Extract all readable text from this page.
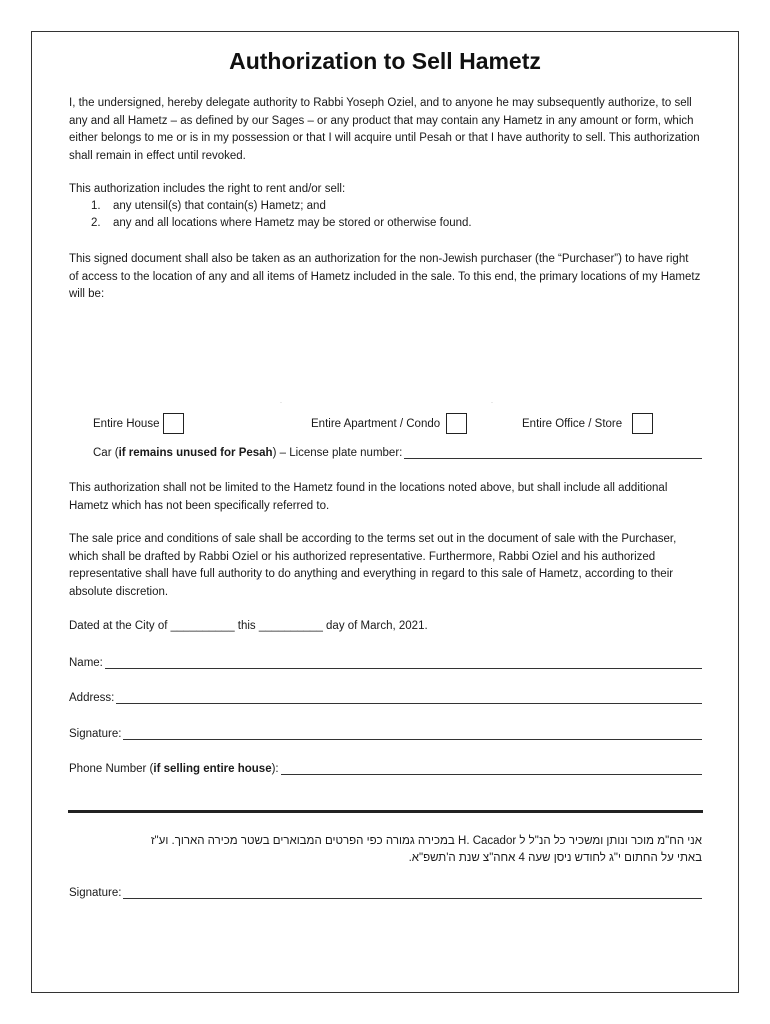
Authorization to Sell Hametz

I, the undersigned, hereby delegate authority to Rabbi Yoseph Oziel, and to anyone he may subsequently authorize, to sell any and all Hametz – as defined by our Sages – or any product that may contain any Hametz in any amount or form, which either belongs to me or is in my possession or that I will acquire until Pesah or that I have authority to sell. This authorization shall remain in effect until revoked.

This authorization includes the right to rent and/or sell:

1.	any utensil(s) that contain(s) Hametz; and
2.	any and all locations where Hametz may be stored or otherwise found.

This signed document shall also be taken as an authorization for the non-Jewish purchaser (the “Purchaser”) to have right of access to the location of any and all items of Hametz included in the sale. To this end, the primary locations of my Hametz will be:

·	·
Entire House	Entire Apartment / Condo	Entire Office / Store
Car (if remains unused for Pesah) – License plate number:

This authorization shall not be limited to the Hametz found in the locations noted above, but shall include all additional Hametz which has not been specifically referred to.

The sale price and conditions of sale shall be according to the terms set out in the document of sale with the Purchaser, which shall be drafted by Rabbi Oziel or his authorized representative. Furthermore, Rabbi Oziel and his authorized representative shall have full authority to do anything and everything in regard to this sale of Hametz, according to their absolute discretion.

Dated at the City of __________ this __________ day of March, 2021.
Name:
Address:
Signature:
Phone Number (if selling entire house):

אני הח"מ מוכר ונותן ומשכיר כל הנ"ל ל H. Cacador במכירה גמורה כפי הפרטים המבוארים בשטר מכירה הארוך. וע"ז

באתי על החתום י"ג לחודש ניסן שעה 4 אחה"צ שנת ה'תשפ"א.

Signature:
